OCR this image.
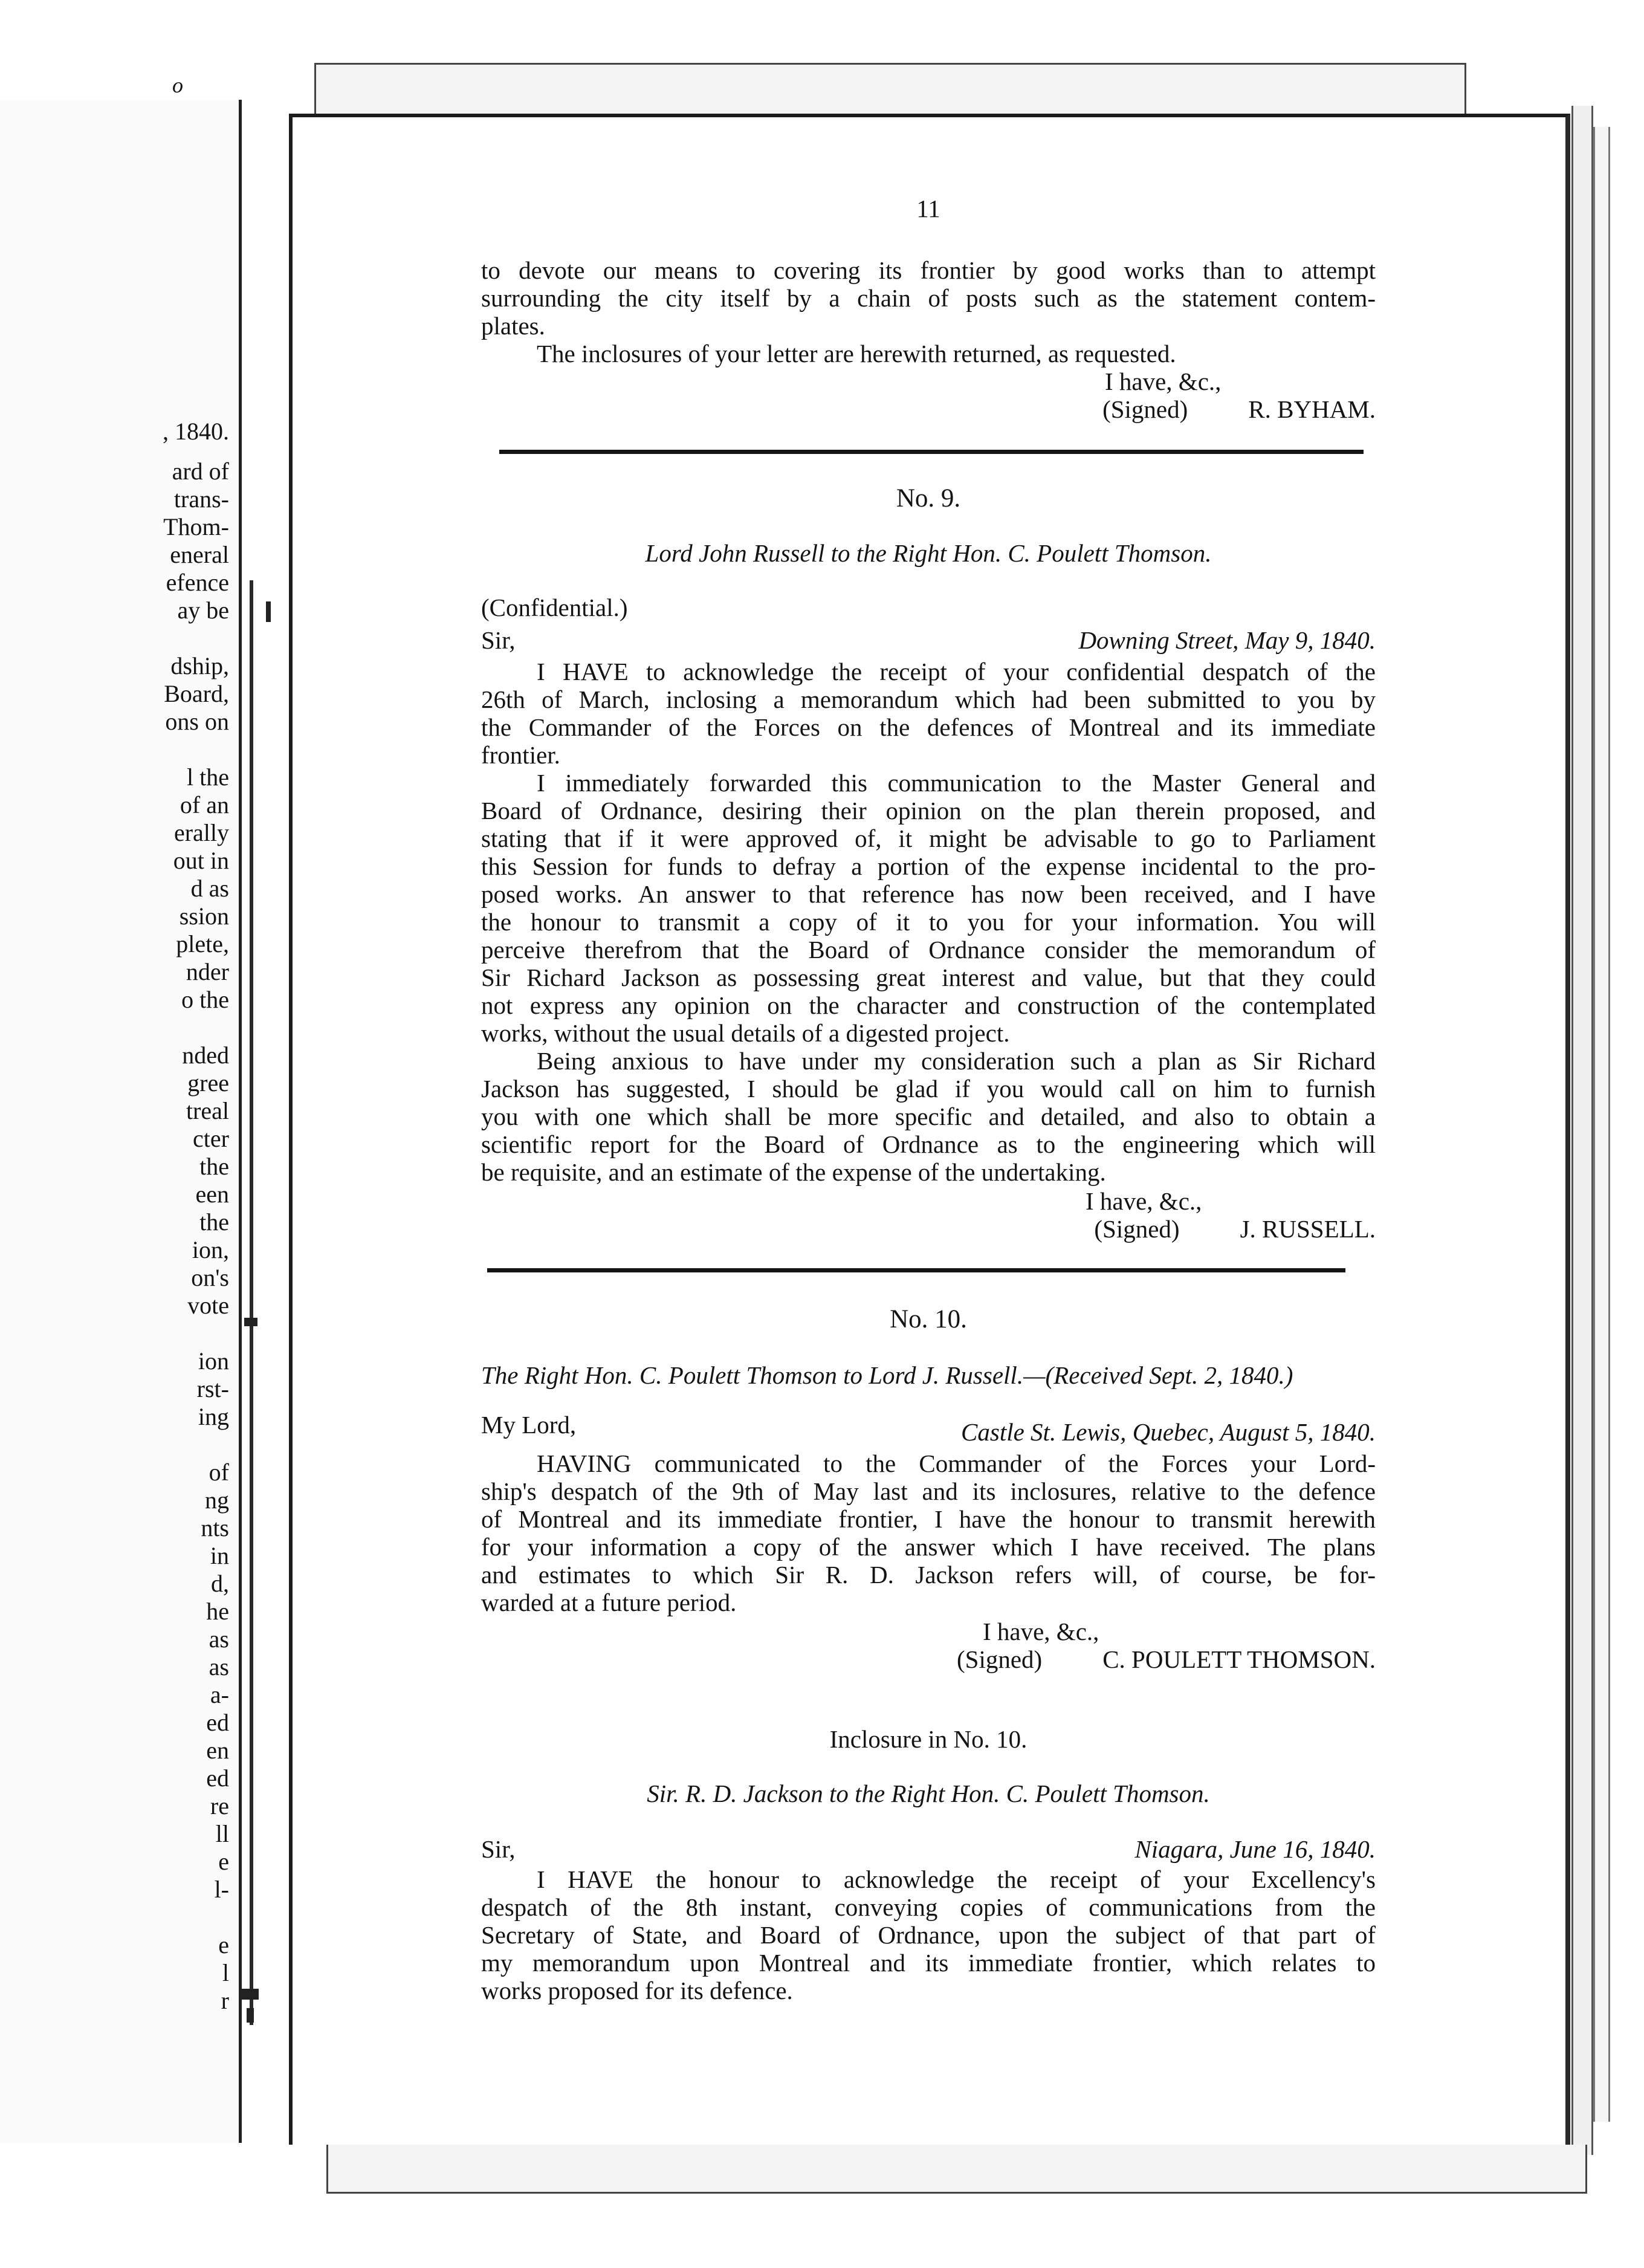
, 1840.
ard of
trans-
Thom-
eneral
efence
ay be
dship,
Board,
ons on
l the
of an
erally
out in
d as
ssion
plete,
nder
o the
nded
gree
treal
cter
the
een
the
ion,
on's
vote
ion
rst-
ing
of
ng
nts
in
d,
he
as
as
a-
ed
en
ed
re
ll
e
l-
e
l
r
o
11
to devote our means to covering its frontier by good works than to attempt
surrounding the city itself by a chain of posts such as the statement contem-
plates.
The inclosures of your letter are herewith returned, as requested.
I have, &c.,
(Signed) R. BYHAM.
No. 9.
Lord John Russell to the Right Hon. C. Poulett Thomson.
(Confidential.)
Sir,	Downing Street, May 9, 1840.
I HAVE to acknowledge the receipt of your confidential despatch of the
26th of March, inclosing a memorandum which had been submitted to you by
the Commander of the Forces on the defences of Montreal and its immediate
frontier.
I immediately forwarded this communication to the Master General and
Board of Ordnance, desiring their opinion on the plan therein proposed, and
stating that if it were approved of, it might be advisable to go to Parliament
this Session for funds to defray a portion of the expense incidental to the pro-
posed works. An answer to that reference has now been received, and I have
the honour to transmit a copy of it to you for your information. You will
perceive therefrom that the Board of Ordnance consider the memorandum of
Sir Richard Jackson as possessing great interest and value, but that they could
not express any opinion on the character and construction of the contemplated
works, without the usual details of a digested project.
Being anxious to have under my consideration such a plan as Sir Richard
Jackson has suggested, I should be glad if you would call on him to furnish
you with one which shall be more specific and detailed, and also to obtain a
scientific report for the Board of Ordnance as to the engineering which will
be requisite, and an estimate of the expense of the undertaking.
I have, &c.,
(Signed) J. RUSSELL.
No. 10.
The Right Hon. C. Poulett Thomson to Lord J. Russell.—(Received Sept. 2, 1840.)
My Lord,	Castle St. Lewis, Quebec, August 5, 1840.
HAVING communicated to the Commander of the Forces your Lord-
ship's despatch of the 9th of May last and its inclosures, relative to the defence
of Montreal and its immediate frontier, I have the honour to transmit herewith
for your information a copy of the answer which I have received. The plans
and estimates to which Sir R. D. Jackson refers will, of course, be for-
warded at a future period.
I have, &c.,
(Signed) C. POULETT THOMSON.
Inclosure in No. 10.
Sir. R. D. Jackson to the Right Hon. C. Poulett Thomson.
Sir,	Niagara, June 16, 1840.
I HAVE the honour to acknowledge the receipt of your Excellency's
despatch of the 8th instant, conveying copies of communications from the
Secretary of State, and Board of Ordnance, upon the subject of that part of
my memorandum upon Montreal and its immediate frontier, which relates to
works proposed for its defence.
